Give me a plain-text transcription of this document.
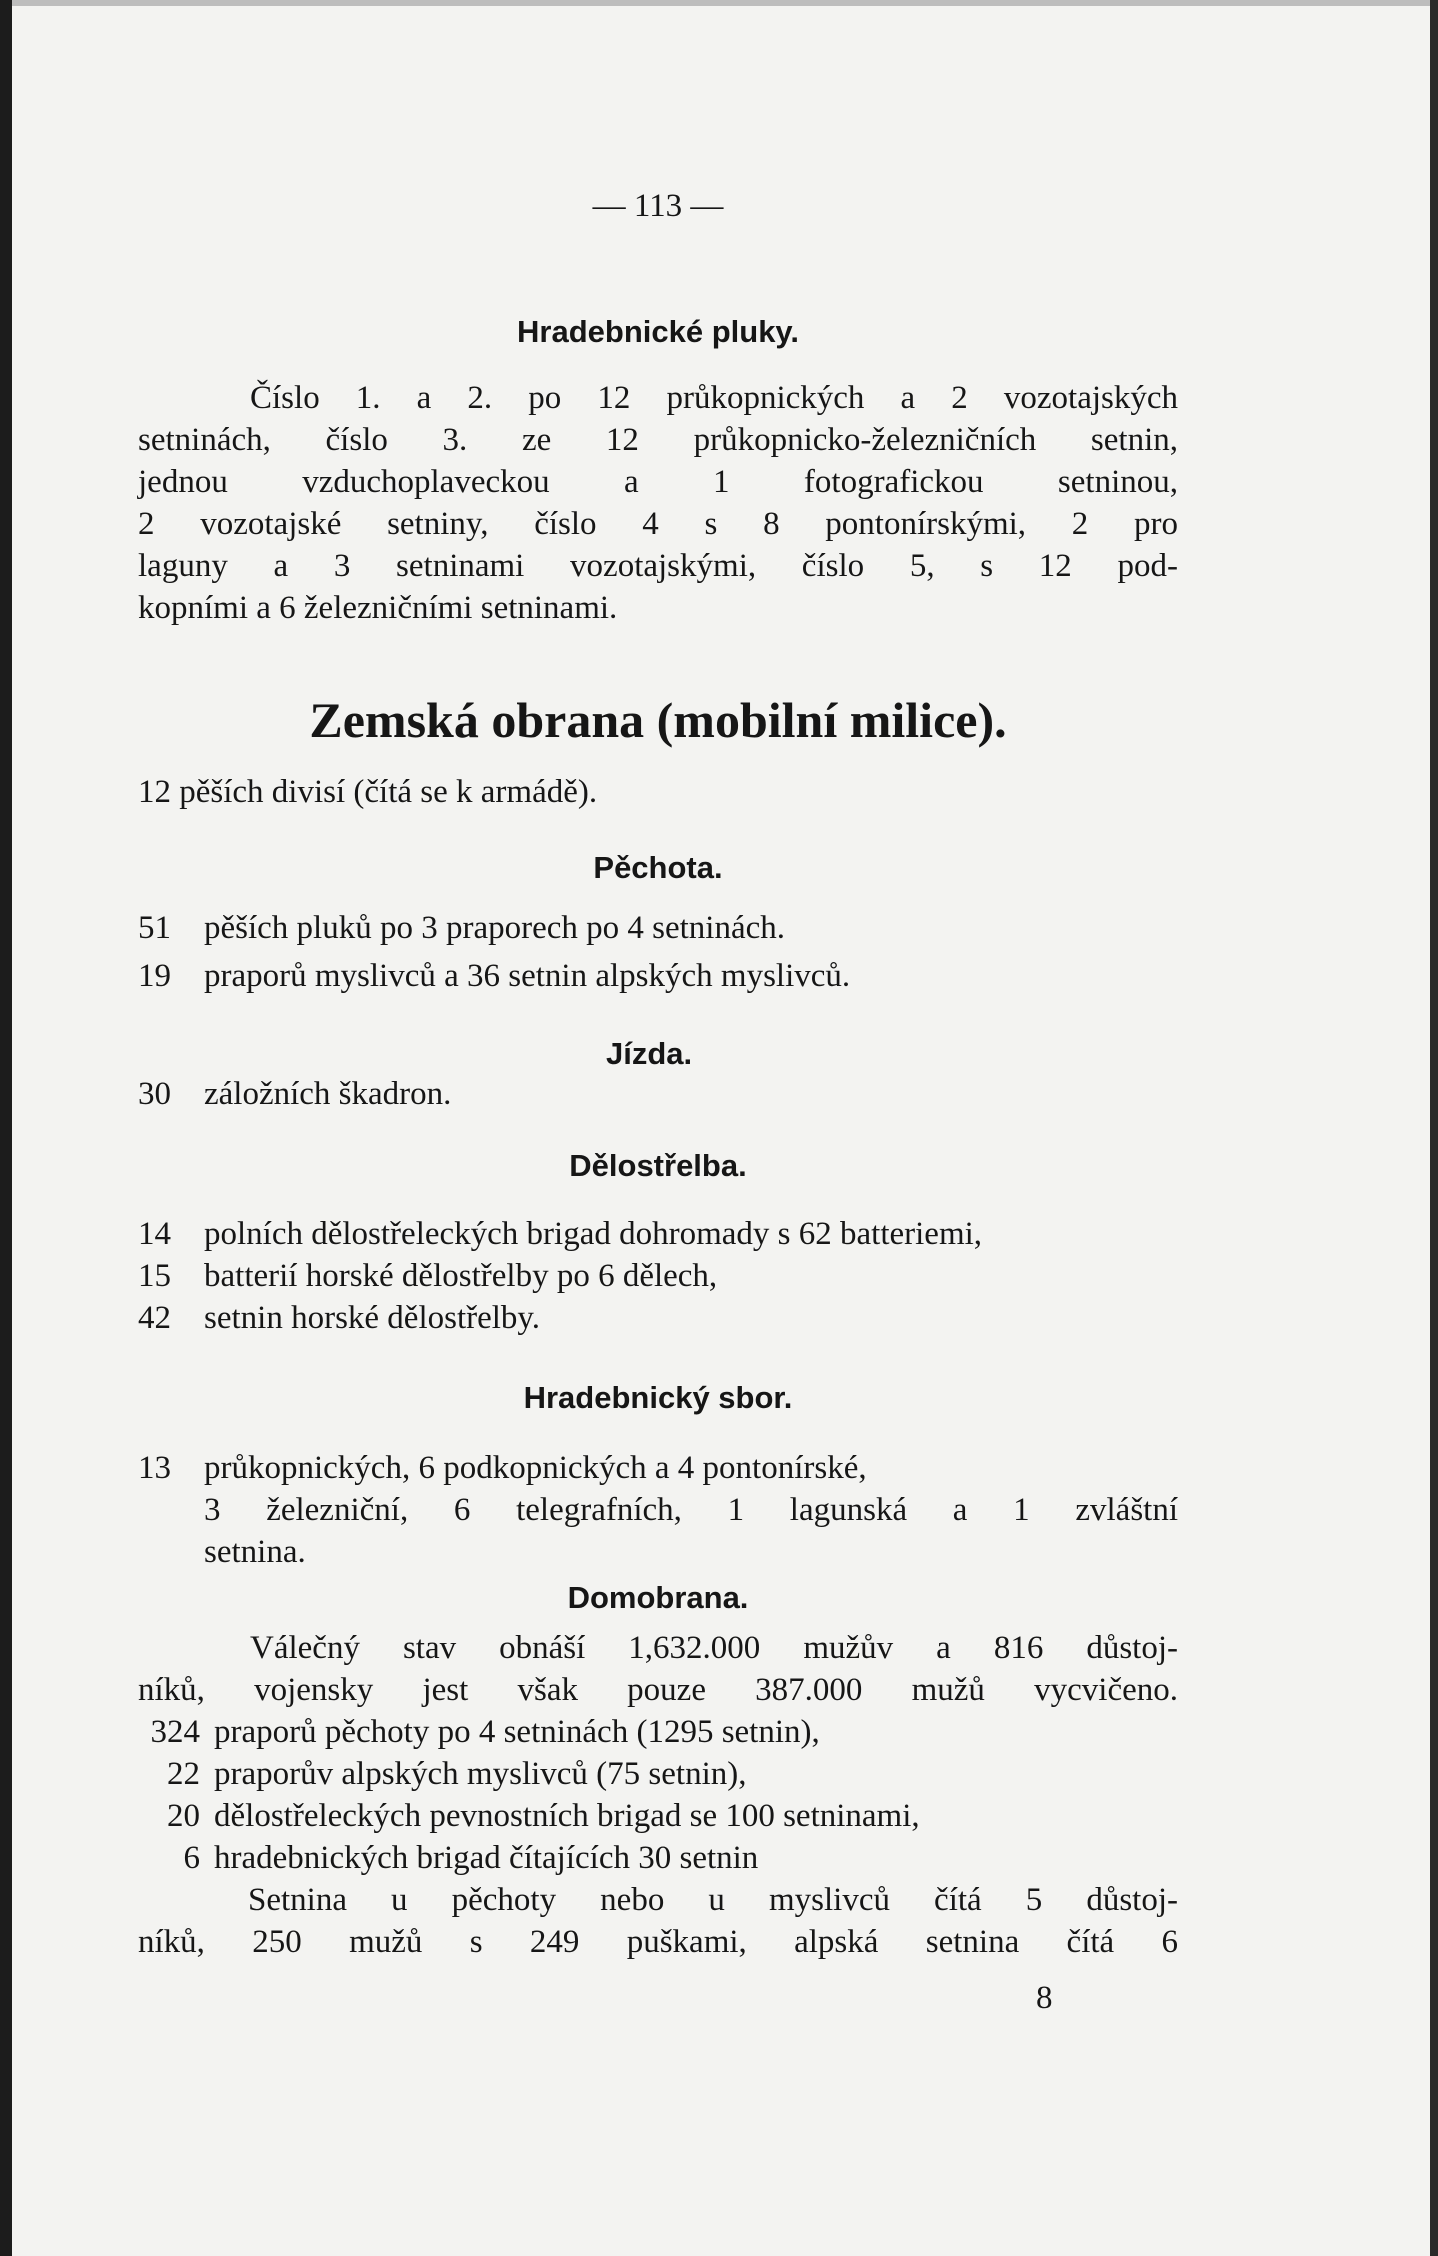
— 113 —
Hradebnické pluky.
Číslo 1. a 2. po 12 průkopnických a 2 vozotajských
setninách, číslo 3. ze 12 průkopnicko-železničních setnin,
jednou vzduchoplaveckou a 1 fotografickou setninou,
2 vozotajské setniny, číslo 4 s 8 pontonírskými, 2 pro
laguny a 3 setninami vozotajskými, číslo 5, s 12 pod-
kopními a 6 železničními setninami.
Zemská obrana (mobilní milice).
12 pěších divisí (čítá se k armádě).
Pěchota.
51 pěších pluků po 3 praporech po 4 setninách.
19 praporů myslivců a 36 setnin alpských myslivců.
Jízda.
30 záložních škadron.
Dělostřelba.
14 polních dělostřeleckých brigad dohromady s 62 batteriemi,
15 batterií horské dělostřelby po 6 dělech,
42 setnin horské dělostřelby.
Hradebnický sbor.
13 průkopnických, 6 podkopnických a 4 pontonírské,
3 železniční, 6 telegrafních, 1 lagunská a 1 zvláštní
setnina.
Domobrana.
Válečný stav obnáší 1,632.000 mužův a 816 důstoj-
níků, vojensky jest však pouze 387.000 mužů vycvičeno.
324 praporů pěchoty po 4 setninách (1295 setnin),
22 praporův alpských myslivců (75 setnin),
20 dělostřeleckých pevnostních brigad se 100 setninami,
6 hradebnických brigad čítajících 30 setnin
Setnina u pěchoty nebo u myslivců čítá 5 důstoj-
níků, 250 mužů s 249 puškami, alpská setnina čítá 6
8
